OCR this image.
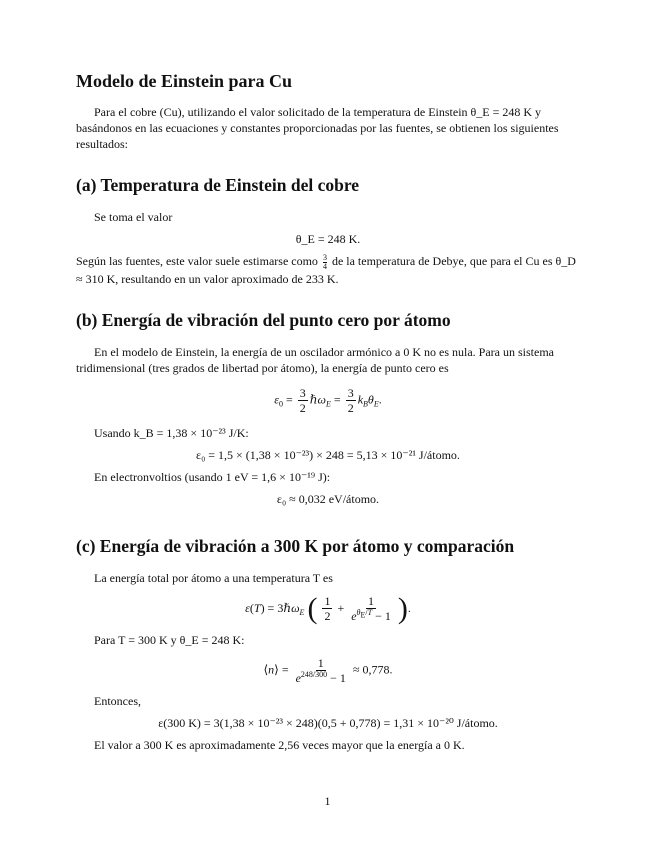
Modelo de Einstein para Cu

Para el cobre (Cu), utilizando el valor solicitado de la temperatura de Einstein θ_E = 248 K y basándonos en las ecuaciones y constantes proporcionadas por las fuentes, se obtienen los siguientes resultados:

(a) Temperatura de Einstein del cobre

Se toma el valor

θ_E = 248 K.

Según las fuentes, este valor suele estimarse como $\frac{3}{4}$ de la temperatura de Debye, que para el Cu es θ_D ≈ 310 K, resultando en un valor aproximado de 233 K.

(b) Energía de vibración del punto cero por átomo

En el modelo de Einstein, la energía de un oscilador armónico a 0 K no es nula. Para un sistema tridimensional (tres grados de libertad por átomo), la energía de punto cero es

$\varepsilon_0 = \frac{3}{2}$ ℏω$_E$ = $\frac{3}{2} k_B\theta_E$.

Usando k_B = 1,38 × 10⁻²³ J/K:

ε₀ = 1,5 × (1,38 × 10⁻²³) × 248 = 5,13 × 10⁻²¹ J/átomo.

En electronvoltios (usando 1 eV = 1,6 × 10⁻¹⁹ J):

ε₀ ≈ 0,032 eV/átomo.

(c) Energía de vibración a 300 K por átomo y comparación

La energía total por átomo a una temperatura T es

ε(T) = 3ℏω$_E$ ( $\frac{1}{2} + \frac{1}{e^{\theta_E/T} - 1}$ ).

Para T = 300 K y θ_E = 248 K:

⟨n⟩ = $\frac{1}{e^{248/300} - 1} \approx 0,778$.

Entonces,

ε(300 K) = 3(1,38 × 10⁻²³ × 248)(0,5 + 0,778) = 1,31 × 10⁻²⁰ J/átomo.

El valor a 300 K es aproximadamente 2,56 veces mayor que la energía a 0 K.

1
